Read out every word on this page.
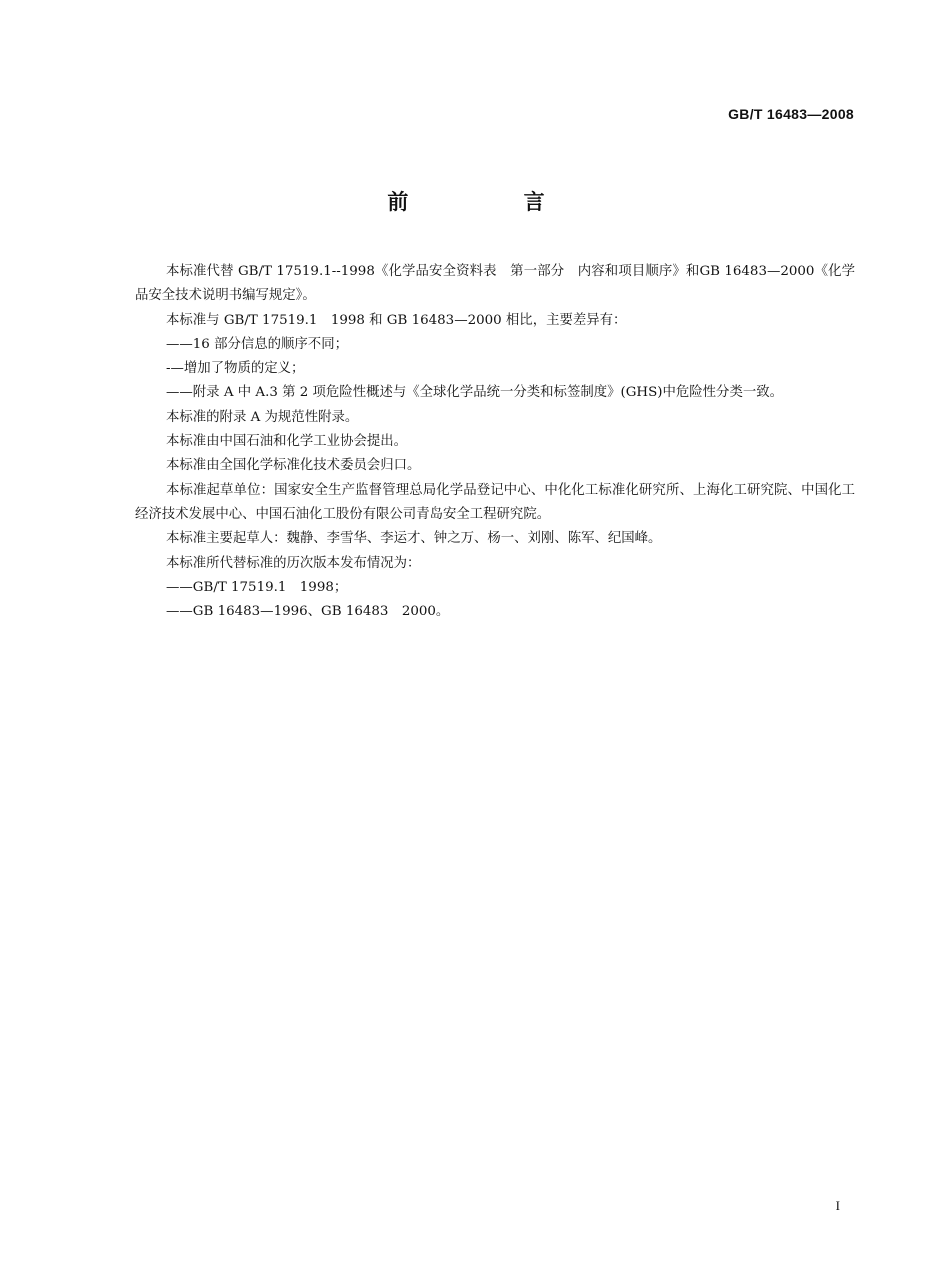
GB/T 16483—2008
前 言

本标准代替 GB/T 17519.1--1998《化学品安全资料表　第一部分　内容和项目顺序》和GB 16483—2000《化学品安全技术说明书编写规定》。

本标准与 GB/T 17519.1　1998 和 GB 16483—2000 相比，主要差异有：

——16 部分信息的顺序不同；

-—增加了物质的定义；

——附录 A 中 A.3 第 2 项危险性概述与《全球化学品统一分类和标签制度》(GHS)中危险性分类一致。

本标准的附录 A 为规范性附录。

本标准由中国石油和化学工业协会提出。

本标准由全国化学标准化技术委员会归口。

本标准起草单位：国家安全生产监督管理总局化学品登记中心、中化化工标准化研究所、上海化工研究院、中国化工经济技术发展中心、中国石油化工股份有限公司青岛安全工程研究院。

本标准主要起草人：魏静、李雪华、李运才、钟之万、杨一、刘刚、陈军、纪国峰。

本标准所代替标准的历次版本发布情况为：

——GB/T 17519.1　1998；

——GB 16483—1996、GB 16483　2000。

I
